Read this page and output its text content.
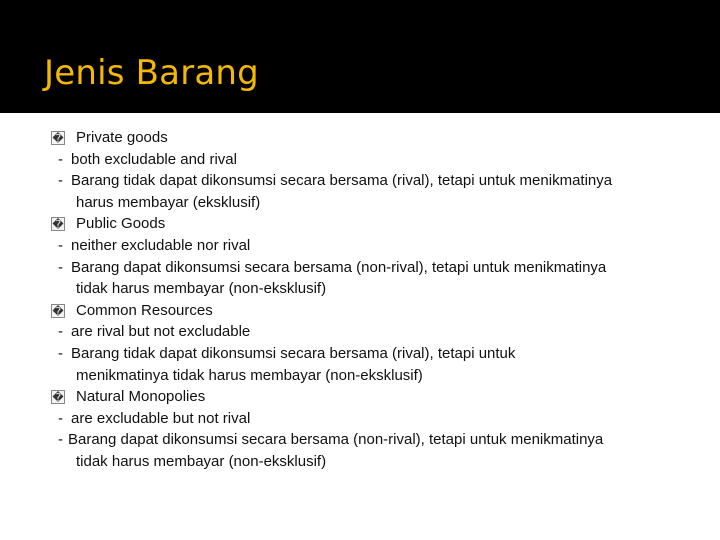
Jenis Barang
� Private goods
- both excludable and rival
- Barang tidak dapat dikonsumsi secara bersama (rival), tetapi untuk menikmatinya
harus membayar (eksklusif)
� Public Goods
- neither excludable nor rival
- Barang dapat dikonsumsi secara bersama (non-rival), tetapi untuk menikmatinya
tidak harus membayar (non-eksklusif)
� Common Resources
- are rival but not excludable
- Barang tidak dapat dikonsumsi secara bersama (rival), tetapi untuk
menikmatinya tidak harus membayar (non-eksklusif)
� Natural Monopolies
- are excludable but not rival
- Barang dapat dikonsumsi secara bersama (non-rival), tetapi untuk menikmatinya
tidak harus membayar (non-eksklusif)
